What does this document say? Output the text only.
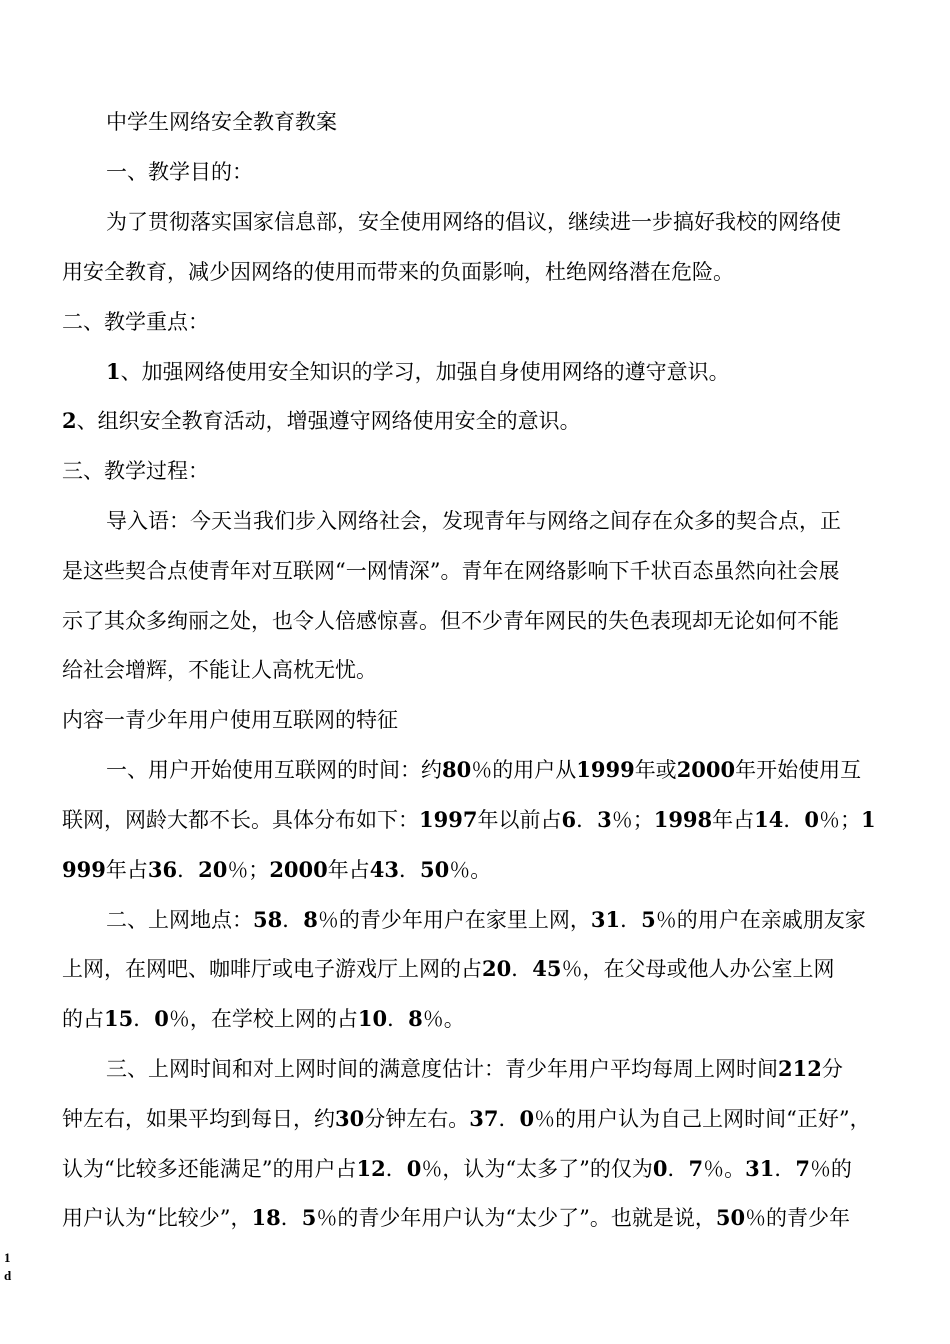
中学生网络安全教育教案
一、教学目的：
为了贯彻落实国家信息部，安全使用网络的倡议，继续进一步搞好我校的网络使
用安全教育，减少因网络的使用而带来的负面影响，杜绝网络潜在危险。
二、教学重点：
1、加强网络使用安全知识的学习，加强自身使用网络的遵守意识。
2、组织安全教育活动，增强遵守网络使用安全的意识。
三、教学过程：
导入语：今天当我们步入网络社会，发现青年与网络之间存在众多的契合点，正
是这些契合点使青年对互联网“一网情深”。青年在网络影响下千状百态虽然向社会展
示了其众多绚丽之处，也令人倍感惊喜。但不少青年网民的失色表现却无论如何不能
给社会增辉，不能让人高枕无忧。
内容一青少年用户使用互联网的特征
一、用户开始使用互联网的时间：约80％的用户从1999年或2000年开始使用互
联网，网龄大都不长。具体分布如下：1997年以前占6．3％；1998年占14．0％；1
999年占36．20％；2000年占43．50％。
二、上网地点：58．8％的青少年用户在家里上网，31．5％的用户在亲戚朋友家
上网，在网吧、咖啡厅或电子游戏厅上网的占20．45％，在父母或他人办公室上网
的占15．0％，在学校上网的占10．8％。
三、上网时间和对上网时间的满意度估计：青少年用户平均每周上网时间212分
钟左右，如果平均到每日，约30分钟左右。37．0％的用户认为自己上网时间“正好”，
认为“比较多还能满足”的用户占12．0％，认为“太多了”的仅为0．7％。31．7％的
用户认为“比较少”，18．5％的青少年用户认为“太少了”。也就是说，50％的青少年
1
d
